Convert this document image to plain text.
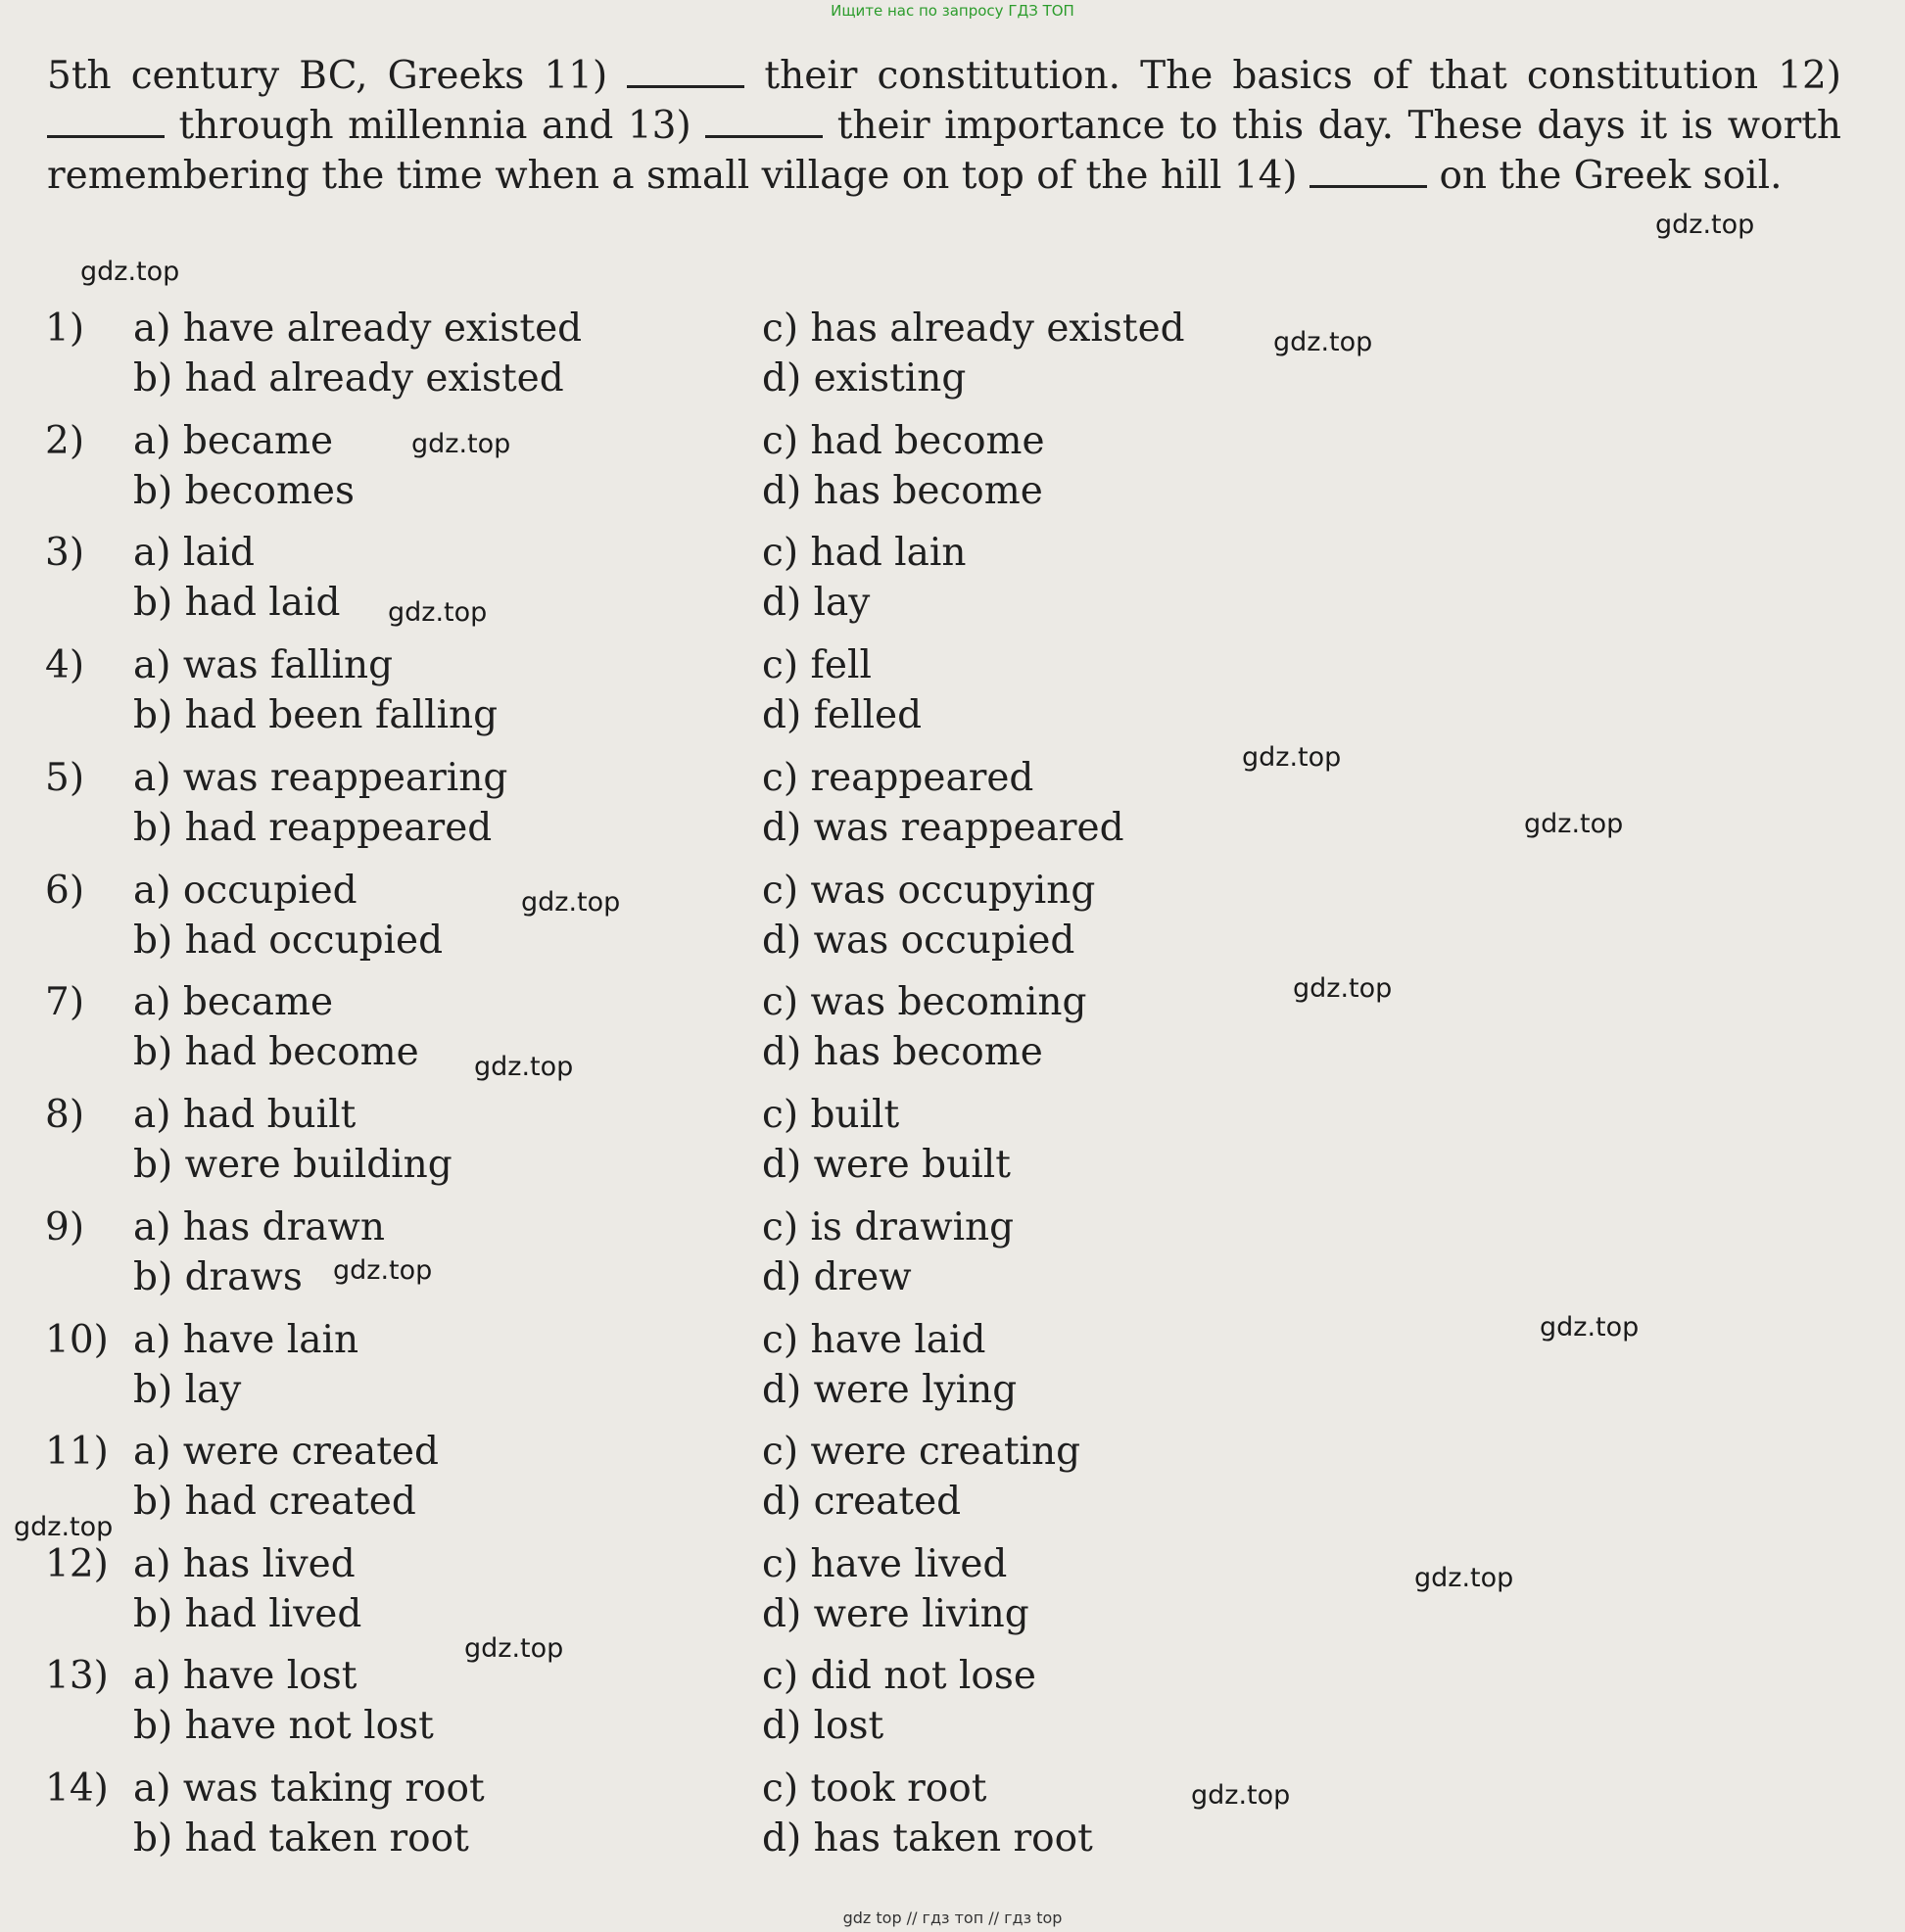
Ищите нас по запросу ГДЗ ТОП
5th century BC, Greeks 11)	their constitution. The basics of that constitution 12)  through millennia and 13)	their importance to this day. These days it is worth remembering the time when a small village on top of the hill 14)	on the Greek soil.
1) a) have already existed	c) has already existed
b) had already existed	d) existing
2) a) became	c) had become
b) becomes	d) has become
3) a) laid	c) had lain
b) had laid	d) lay
4) a) was falling	c) fell
b) had been falling	d) felled
5) a) was reappearing	c) reappeared
b) had reappeared	d) was reappeared
6) a) occupied	c) was occupying
b) had occupied	d) was occupied
7) a) became	c) was becoming
b) had become	d) has become
8) a) had built	c) built
b) were building	d) were built
9) a) has drawn	c) is drawing
b) draws	d) drew
10) a) have lain	c) have laid
b) lay	d) were lying
11) a) were created	c) were creating
b) had created	d) created
12) a) has lived	c) have lived
b) had lived	d) were living
13) a) have lost	c) did not lose
b) have not lost	d) lost
14) a) was taking root	c) took root
b) had taken root	d) has taken root
gdz.top
gdz.top
gdz.top
gdz.top
gdz.top
gdz.top
gdz.top
gdz.top
gdz.top
gdz.top
gdz.top
gdz.top
gdz.top
gdz.top
gdz.top
gdz.top
gdz top // гдз топ // гдз top
